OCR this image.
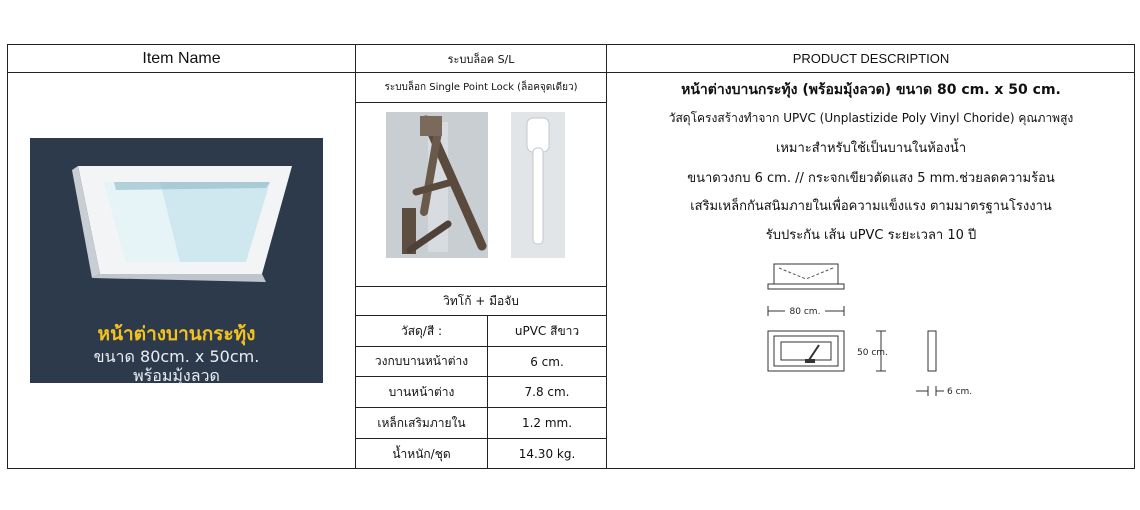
Item Name	ระบบล็อค S/L	PRODUCT DESCRIPTION
หน้าต่างบานกระทุ้ง
ขนาด 80cm. x 50cm.
พร้อมมุ้งลวด
ระบบล็อก Single Point Lock (ล็อคจุดเดียว)
วิทโก้ + มือจับ
วัสดุ/สี :	uPVC สีขาว
วงกบบานหน้าต่าง	6 cm.
บานหน้าต่าง	7.8 cm.
เหล็กเสริมภายใน	1.2 mm.
น้ำหนัก/ชุด	14.30 kg.
หน้าต่างบานกระทุ้ง (พร้อมมุ้งลวด) ขนาด 80 cm. x 50 cm.
วัสดุโครงสร้างทำจาก UPVC (Unplastizide Poly Vinyl Choride) คุณภาพสูง
เหมาะสำหรับใช้เป็นบานในห้องน้ำ
ขนาดวงกบ 6 cm. // กระจกเขียวตัดแสง 5 mm.ช่วยลดความร้อน
เสริมเหล็กกันสนิมภายในเพื่อความแข็งแรง ตามมาตรฐานโรงงาน
รับประกัน เส้น uPVC ระยะเวลา 10 ปี
80 cm.
50 cm.
6 cm.
